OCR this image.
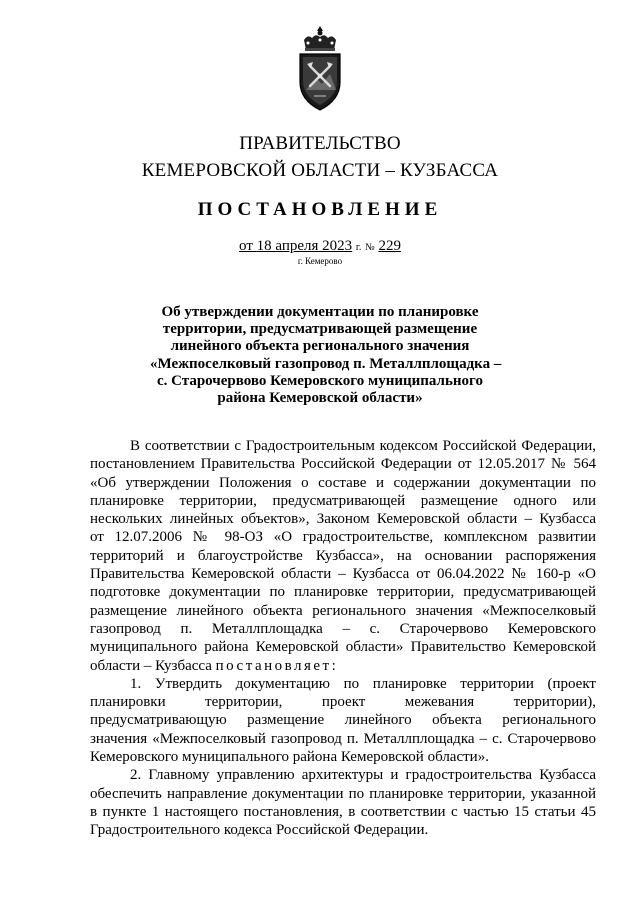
ПРАВИТЕЛЬСТВО
КЕМЕРОВСКОЙ ОБЛАСТИ – КУЗБАССА
ПОСТАНОВЛЕНИЕ
от 18 апреля 2023 г. № 229
г. Кемерово
Об утверждении документации по планировке
территории, предусматривающей размещение
линейного объекта регионального значения
«Межпоселковый газопровод п. Металлплощадка –
с. Старочервово Кемеровского муниципального
района Кемеровской области»
В соответствии с Градостроительным кодексом Российской Федерации,
постановлением Правительства Российской Федерации от 12.05.2017 № 564
«Об утверждении Положения о составе и содержании документации по
планировке территории, предусматривающей размещение одного или
нескольких линейных объектов», Законом Кемеровской области – Кузбасса
от 12.07.2006 № 98-ОЗ «О градостроительстве, комплексном развитии
территорий и благоустройстве Кузбасса», на основании распоряжения
Правительства Кемеровской области – Кузбасса от 06.04.2022 № 160-р «О
подготовке документации по планировке территории, предусматривающей
размещение линейного объекта регионального значения «Межпоселковый
газопровод п. Металлплощадка – с. Старочервово Кемеровского
муниципального района Кемеровской области» Правительство Кемеровской
области – Кузбасса постановляет:
1. Утвердить документацию по планировке территории (проект
планировки территории, проект межевания территории),
предусматривающую размещение линейного объекта регионального
значения «Межпоселковый газопровод п. Металлплощадка – с. Старочервово
Кемеровского муниципального района Кемеровской области».
2. Главному управлению архитектуры и градостроительства Кузбасса
обеспечить направление документации по планировке территории, указанной
в пункте 1 настоящего постановления, в соответствии с частью 15 статьи 45
Градостроительного кодекса Российской Федерации.
